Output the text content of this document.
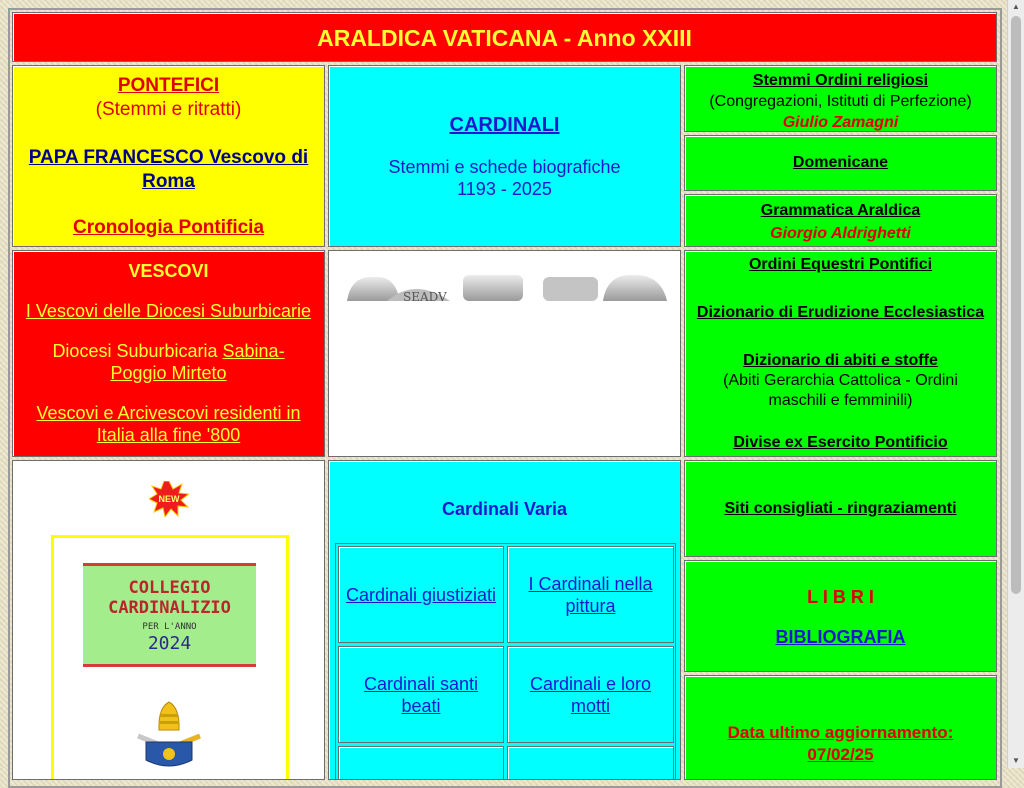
ARALDICA VATICANA - Anno XXIII
PONTEFICI
(Stemmi e ritratti)
PAPA FRANCESCO Vescovo di Roma
Cronologia Pontificia
CARDINALI
Stemmi e schede biografiche
1193 - 2025
Stemmi Ordini religiosi
(Congregazioni, Istituti di Perfezione)
Giulio Zamagni
Domenicane
Grammatica Araldica
Giorgio Aldrighetti
VESCOVI
I Vescovi delle Diocesi Suburbicarie
Diocesi Suburbicaria Sabina-Poggio Mirteto
Vescovi e Arcivescovi residenti in Italia alla fine '800
SEADV
Ordini Equestri Pontifici
Dizionario di Erudizione Ecclesiastica
Dizionario di abiti e stoffe
(Abiti Gerarchia Cattolica - Ordini maschili e femminili)
Divise ex Esercito Pontificio
NEW
COLLEGIO
CARDINALIZIO
PER L'ANNO
2024
Cardinali Varia
Cardinali giustiziati
I Cardinali nella pittura
Cardinali santi beati
Cardinali e loro motti
Siti consigliati - ringraziamenti
L I B R I
BIBLIOGRAFIA
Data ultimo aggiornamento:
07/02/25
▲
▼
